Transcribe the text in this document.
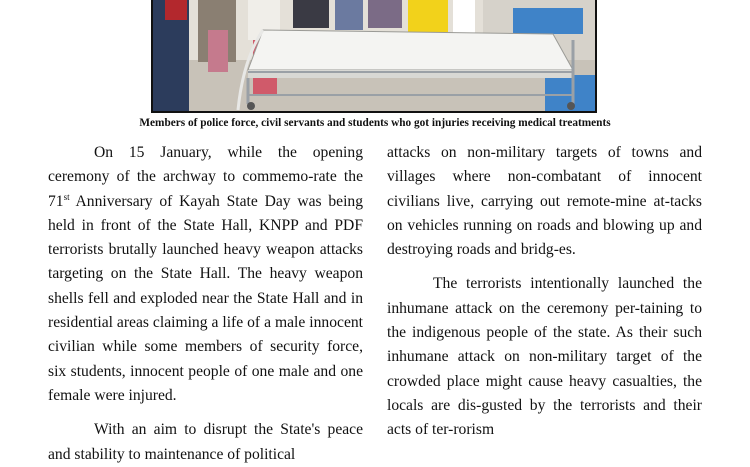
Members of police force, civil servants and students who got injuries receiving medical treatments

On 15 January, while the opening ceremony of the archway to commemo-rate the 71st Anniversary of Kayah State Day was being held in front of the State Hall, KNPP and PDF terrorists brutally launched heavy weapon attacks targeting on the State Hall. The heavy weapon shells fell and exploded near the State Hall and in residential areas claiming a life of a male innocent civilian while some members of security force, six students, innocent people of one male and one female were injured.

With an aim to disrupt the State's peace and stability to maintenance of political

attacks on non-military targets of towns and villages where non-combatant of innocent civilians live, carrying out remote-mine at-tacks on vehicles running on roads and blowing up and destroying roads and bridg-es.

The terrorists intentionally launched the inhumane attack on the ceremony per-taining to the indigenous people of the state. As their such inhumane attack on non-military target of the crowded place might cause heavy casualties, the locals are dis-gusted by the terrorists and their acts of ter-rorism
